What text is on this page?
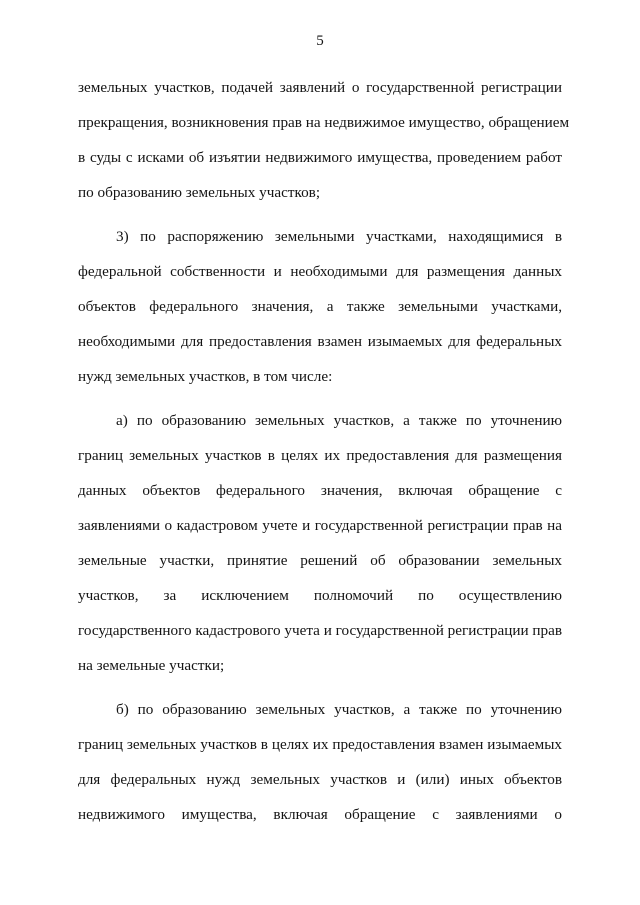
5
земельных участков, подачей заявлений о государственной регистрации
прекращения, возникновения прав на недвижимое имущество, обращением
в суды с исками об изъятии недвижимого имущества, проведением работ
по образованию земельных участков;
3) по распоряжению земельными участками, находящимися в
федеральной собственности и необходимыми для размещения данных
объектов федерального значения, а также земельными участками,
необходимыми для предоставления взамен изымаемых для федеральных
нужд земельных участков, в том числе:
а) по образованию земельных участков, а также по уточнению
границ земельных участков в целях их предоставления для размещения
данных объектов федерального значения, включая обращение с
заявлениями о кадастровом учете и государственной регистрации прав на
земельные участки, принятие решений об образовании земельных
участков, за исключением полномочий по осуществлению
государственного кадастрового учета и государственной регистрации прав
на земельные участки;
б) по образованию земельных участков, а также по уточнению
границ земельных участков в целях их предоставления взамен изымаемых
для федеральных нужд земельных участков и (или) иных объектов
недвижимого имущества, включая обращение с заявлениями о
